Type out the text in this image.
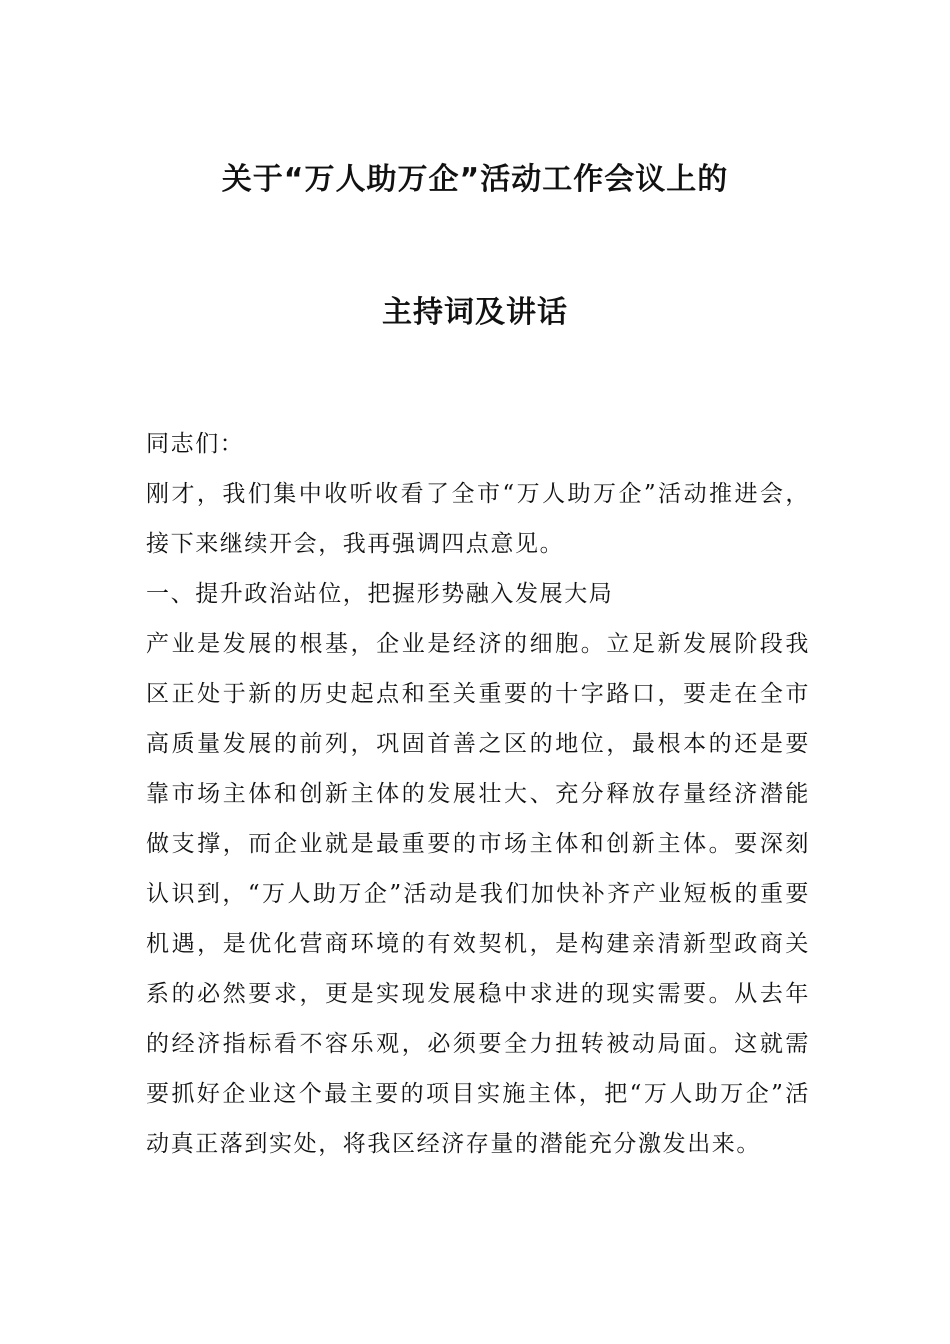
关于“万人助万企”活动工作会议上的
主持词及讲话

同志们：

刚才，我们集中收听收看了全市“万人助万企”活动推进会，接下来继续开会，我再强调四点意见。

一、提升政治站位，把握形势融入发展大局

产业是发展的根基，企业是经济的细胞。立足新发展阶段我区正处于新的历史起点和至关重要的十字路口，要走在全市高质量发展的前列，巩固首善之区的地位，最根本的还是要靠市场主体和创新主体的发展壮大、充分释放存量经济潜能做支撑，而企业就是最重要的市场主体和创新主体。要深刻认识到，“万人助万企”活动是我们加快补齐产业短板的重要机遇，是优化营商环境的有效契机，是构建亲清新型政商关系的必然要求，更是实现发展稳中求进的现实需要。从去年的经济指标看不容乐观，必须要全力扭转被动局面。这就需要抓好企业这个最主要的项目实施主体，把“万人助万企”活动真正落到实处，将我区经济存量的潜能充分激发出来。
